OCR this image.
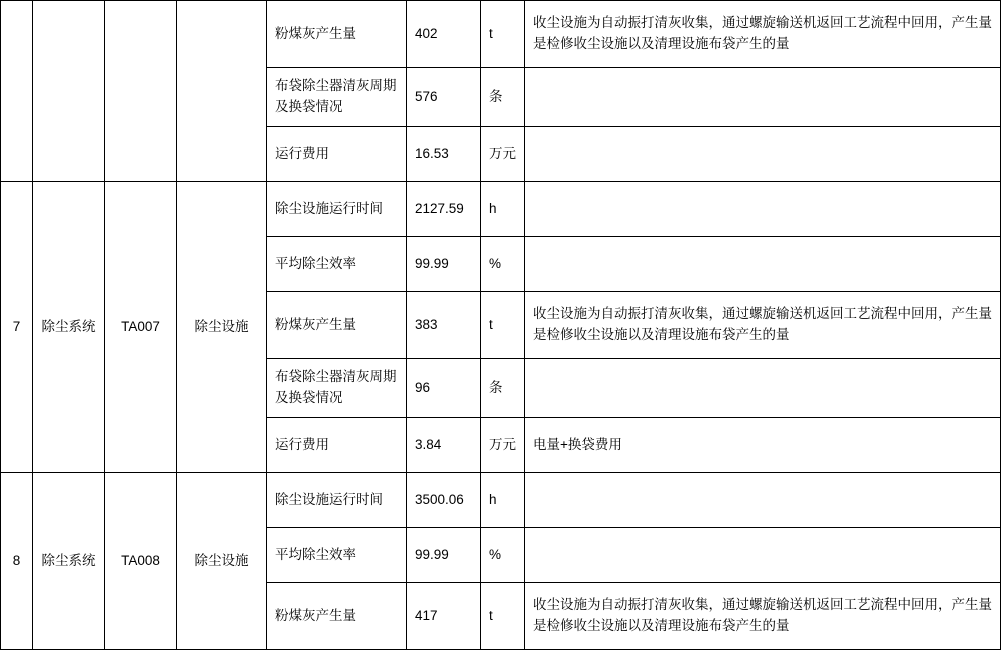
				粉煤灰产生量	402	t	收尘设施为自动振打清灰收集，通过螺旋输送机返回工艺流程中回用，产生量是检修收尘设施以及清理设施布袋产生的量
				布袋除尘器清灰周期及换袋情况	576	条	
				运行费用	16.53	万元	
7	除尘系统	TA007	除尘设施	除尘设施运行时间	2127.59	h	
				平均除尘效率	99.99	%	
				粉煤灰产生量	383	t	收尘设施为自动振打清灰收集，通过螺旋输送机返回工艺流程中回用，产生量是检修收尘设施以及清理设施布袋产生的量
				布袋除尘器清灰周期及换袋情况	96	条	
				运行费用	3.84	万元	电量+换袋费用
8	除尘系统	TA008	除尘设施	除尘设施运行时间	3500.06	h	
				平均除尘效率	99.99	%	
				粉煤灰产生量	417	t	收尘设施为自动振打清灰收集，通过螺旋输送机返回工艺流程中回用，产生量是检修收尘设施以及清理设施布袋产生的量
